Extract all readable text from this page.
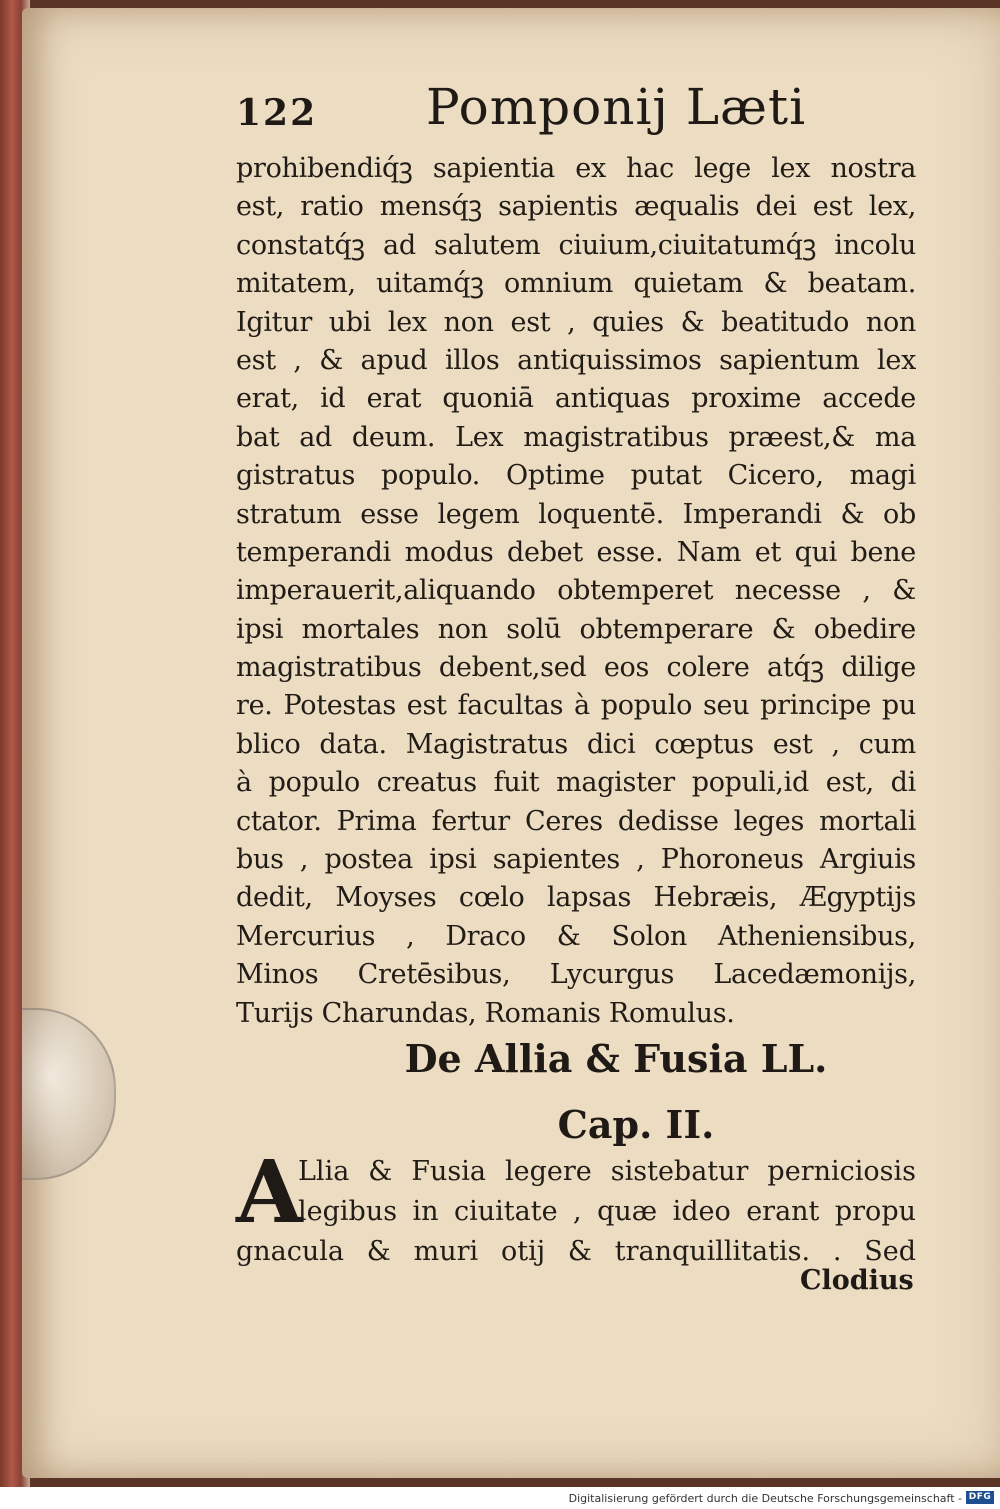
122 Pomponij Læti
prohibendiq́ꝫ sapientia ex hac lege lex nostra
est, ratio mensq́ꝫ sapientis æqualis dei est lex,
constatq́ꝫ ad salutem ciuium,ciuitatumq́ꝫ incolu
mitatem, uitamq́ꝫ omnium quietam & beatam.
Igitur ubi lex non est , quies & beatitudo non
est , & apud illos antiquissimos sapientum lex
erat, id erat quoniā antiquas proxime accede
bat ad deum. Lex magistratibus præest,& ma
gistratus populo. Optime putat Cicero, magi
stratum esse legem loquentē. Imperandi & ob
temperandi modus debet esse. Nam et qui bene
imperauerit,aliquando obtemperet necesse , &
ipsi mortales non solū obtemperare & obedire
magistratibus debent,sed eos colere atq́ꝫ dilige
re. Potestas est facultas à populo seu principe pu
blico data. Magistratus dici cœptus est , cum
à populo creatus fuit magister populi,id est, di
ctator. Prima fertur Ceres dedisse leges mortali
bus , postea ipsi sapientes , Phoroneus Argiuis
dedit, Moyses cœlo lapsas Hebræis, Ægyptijs
Mercurius , Draco & Solon Atheniensibus,
Minos Cretēsibus, Lycurgus Lacedæmonijs,
Turijs Charundas, Romanis Romulus.
De Allia & Fusia LL.
Cap. II.
A
Llia & Fusia legere sistebatur perniciosis
legibus in ciuitate , quæ ideo erant propu
gnacula & muri otij & tranquillitatis. . Sed
Clodius
Digitalisierung gefördert durch die Deutsche Forschungsgemeinschaft - DFG
